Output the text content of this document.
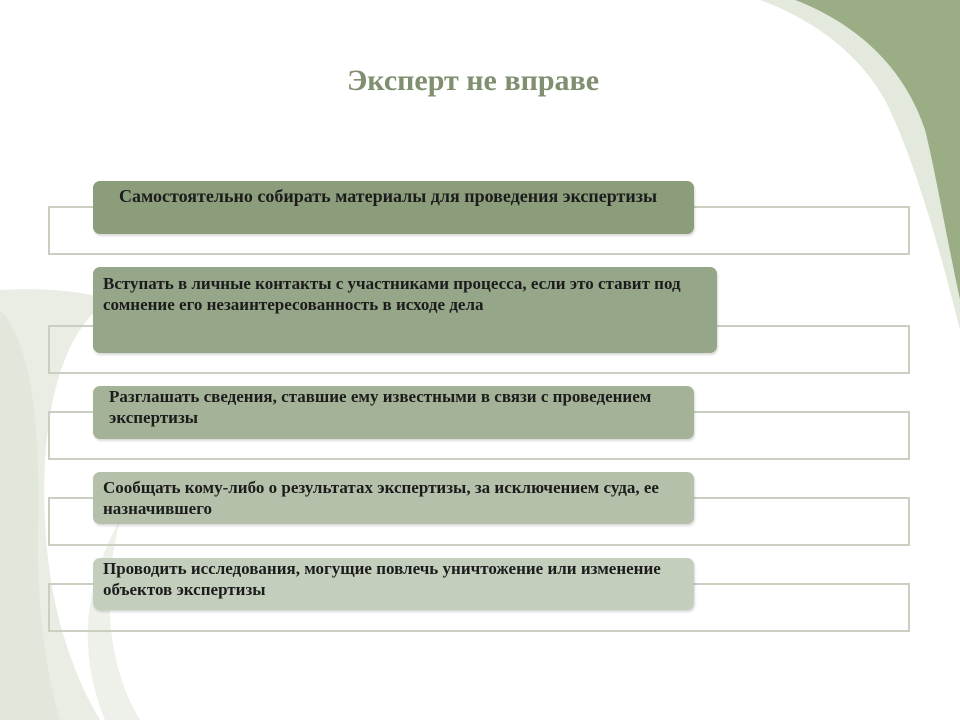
Эксперт не вправе
Самостоятельно собирать материалы для проведения экспертизы
Вступать в личные контакты с участниками процесса, если это ставит под сомнение его незаинтересованность в исходе дела
Разглашать сведения, ставшие ему известными в связи с проведением экспертизы
Сообщать кому-либо о результатах экспертизы, за исключением суда, ее назначившего
Проводить исследования, могущие повлечь уничтожение или изменение объектов экспертизы
